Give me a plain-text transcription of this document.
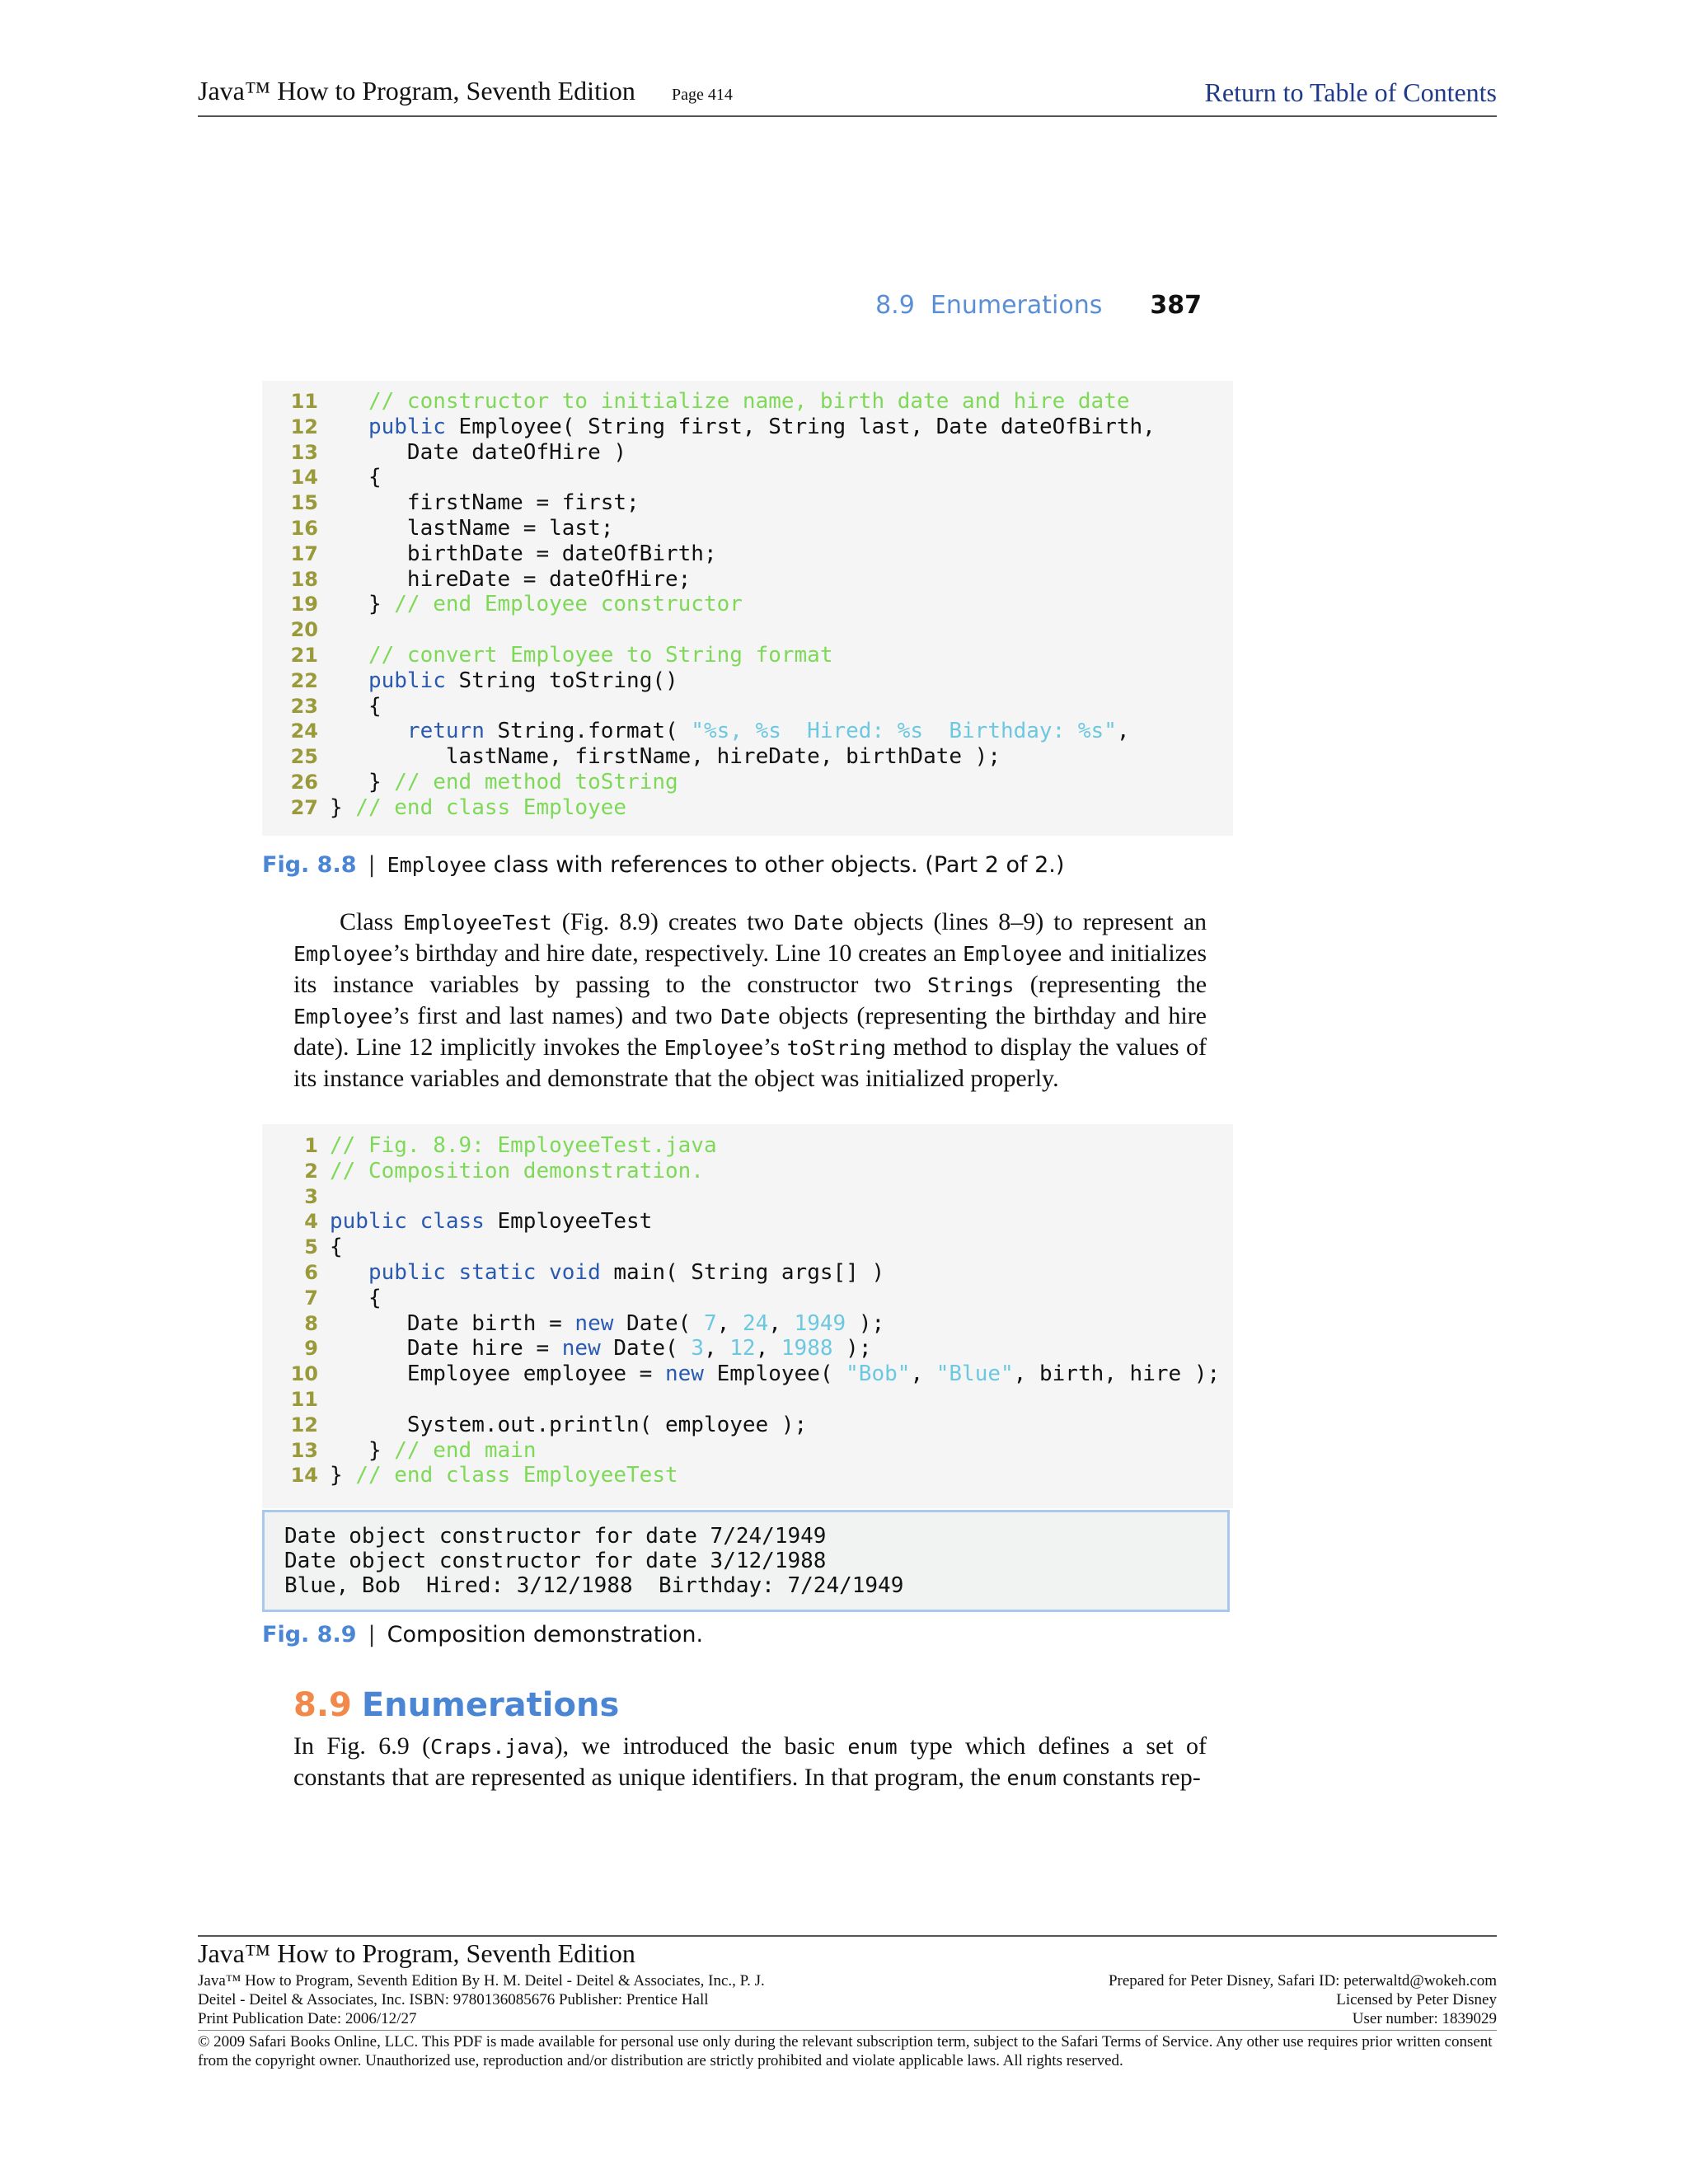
Java™ How to Program, Seventh Edition Page 414	Return to Table of Contents
8.9 Enumerations 387
11	// constructor to initialize name, birth date and hire date
12	public Employee( String first, String last, Date dateOfBirth,
13	Date dateOfHire )
14	{
15	firstName = first;
16	lastName = last;
17	birthDate = dateOfBirth;
18	hireDate = dateOfHire;
19	} // end Employee constructor
20
21	// convert Employee to String format
22	public String toString()
23	{
24	return String.format( "%s, %s  Hired: %s  Birthday: %s",
25	lastName, firstName, hireDate, birthDate );
26	} // end method toString
27 } // end class Employee
Fig. 8.8 | Employee class with references to other objects. (Part 2 of 2.)
Class EmployeeTest (Fig. 8.9) creates two Date objects (lines 8–9) to represent an Employee’s birthday and hire date, respectively. Line 10 creates an Employee and initializes its instance variables by passing to the constructor two Strings (representing the Employee’s first and last names) and two Date objects (representing the birthday and hire date). Line 12 implicitly invokes the Employee’s toString method to display the values of its instance variables and demonstrate that the object was initialized properly.
1 // Fig. 8.9: EmployeeTest.java
2 // Composition demonstration.
3
4 public class EmployeeTest
5 {
6	public static void main( String args[] )
7	{
8	Date birth = new Date( 7, 24, 1949 );
9	Date hire = new Date( 3, 12, 1988 );
10	Employee employee = new Employee( "Bob", "Blue", birth, hire );
11
12	System.out.println( employee );
13	} // end main
14 } // end class EmployeeTest
Date object constructor for date 7/24/1949
Date object constructor for date 3/12/1988
Blue, Bob  Hired: 3/12/1988  Birthday: 7/24/1949
Fig. 8.9 | Composition demonstration.
8.9 Enumerations
In Fig. 6.9 (Craps.java), we introduced the basic enum type which defines a set of constants that are represented as unique identifiers. In that program, the enum constants rep-
Java™ How to Program, Seventh Edition
Java™ How to Program, Seventh Edition By H. M. Deitel - Deitel & Associates, Inc., P. J.
Deitel - Deitel & Associates, Inc. ISBN: 9780136085676 Publisher: Prentice Hall
Print Publication Date: 2006/12/27
Prepared for Peter Disney, Safari ID: peterwaltd@wokeh.com
Licensed by Peter Disney
User number: 1839029
© 2009 Safari Books Online, LLC. This PDF is made available for personal use only during the relevant subscription term, subject to the Safari Terms of Service. Any other use requires prior written consent from the copyright owner. Unauthorized use, reproduction and/or distribution are strictly prohibited and violate applicable laws. All rights reserved.
